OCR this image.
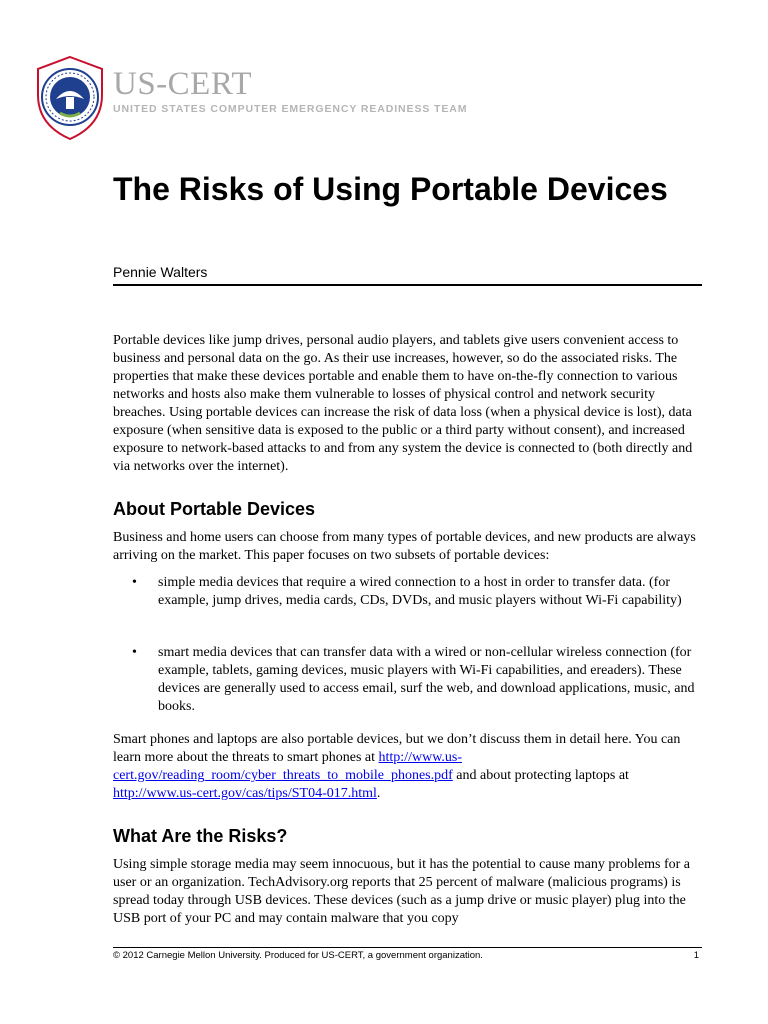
US-CERT
UNITED STATES COMPUTER EMERGENCY READINESS TEAM
The Risks of Using Portable Devices
Pennie Walters

Portable devices like jump drives, personal audio players, and tablets give users convenient access to business and personal data on the go. As their use increases, however, so do the associated risks. The properties that make these devices portable and enable them to have on-the-fly connection to various networks and hosts also make them vulnerable to losses of physical control and network security breaches. Using portable devices can increase the risk of data loss (when a physical device is lost), data exposure (when sensitive data is exposed to the public or a third party without consent), and increased exposure to network-based attacks to and from any system the device is connected to (both directly and via networks over the internet).

About Portable Devices

Business and home users can choose from many types of portable devices, and new products are always arriving on the market. This paper focuses on two subsets of portable devices:

• simple media devices that require a wired connection to a host in order to transfer data. (for example, jump drives, media cards, CDs, DVDs, and music players without Wi-Fi capability)

• smart media devices that can transfer data with a wired or non-cellular wireless connection (for example, tablets, gaming devices, music players with Wi-Fi capabilities, and ereaders). These devices are generally used to access email, surf the web, and download applications, music, and books.

Smart phones and laptops are also portable devices, but we don’t discuss them in detail here. You can learn more about the threats to smart phones at http://www.us-cert.gov/reading_room/cyber_threats_to_mobile_phones.pdf and about protecting laptops at http://www.us-cert.gov/cas/tips/ST04-017.html.

What Are the Risks?

Using simple storage media may seem innocuous, but it has the potential to cause many problems for a user or an organization. TechAdvisory.org reports that 25 percent of malware (malicious programs) is spread today through USB devices. These devices (such as a jump drive or music player) plug into the USB port of your PC and may contain malware that you copy

© 2012 Carnegie Mellon University. Produced for US-CERT, a government organization.	1
